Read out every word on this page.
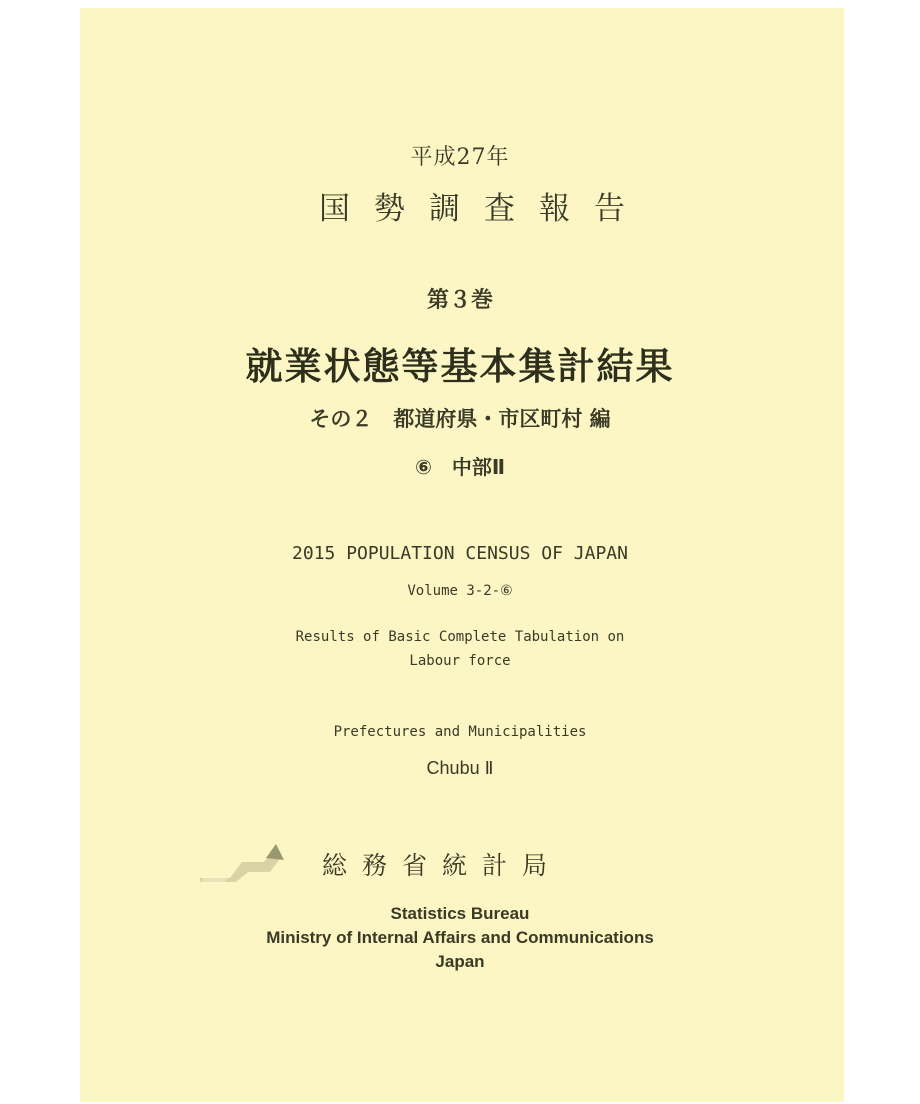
平成27年
国勢調査報告
第３巻
就業状態等基本集計結果
その２　都道府県・市区町村 編
⑥　中部Ⅱ
2015 POPULATION CENSUS OF JAPAN
Volume 3-2-⑥
Results of Basic Complete Tabulation on
Labour force
Prefectures and Municipalities
Chubu Ⅱ
総務省統計局
Statistics Bureau
Ministry of Internal Affairs and Communications
Japan
